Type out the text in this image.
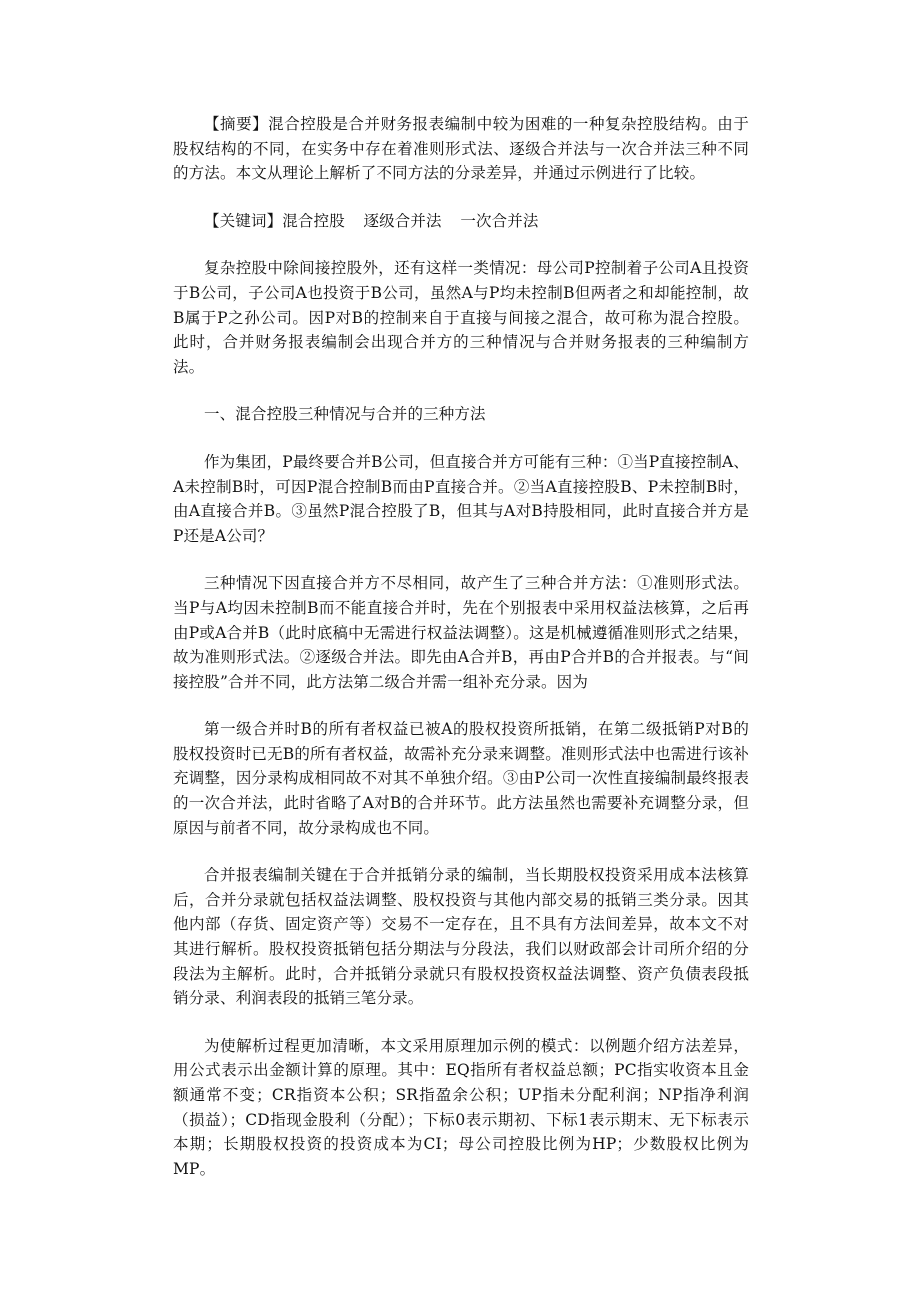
【摘要】混合控股是合并财务报表编制中较为困难的一种复杂控股结构。由于股权结构的不同，在实务中存在着准则形式法、逐级合并法与一次合并法三种不同的方法。本文从理论上解析了不同方法的分录差异，并通过示例进行了比较。

【关键词】混合控股 逐级合并法 一次合并法

复杂控股中除间接控股外，还有这样一类情况：母公司P控制着子公司A且投资于B公司，子公司A也投资于B公司，虽然A与P均未控制B但两者之和却能控制，故B属于P之孙公司。因P对B的控制来自于直接与间接之混合，故可称为混合控股。此时，合并财务报表编制会出现合并方的三种情况与合并财务报表的三种编制方法。

一、混合控股三种情况与合并的三种方法

作为集团，P最终要合并B公司，但直接合并方可能有三种：①当P直接控制A、A未控制B时，可因P混合控制B而由P直接合并。②当A直接控股B、P未控制B时，由A直接合并B。③虽然P混合控股了B，但其与A对B持股相同，此时直接合并方是P还是A公司？

三种情况下因直接合并方不尽相同，故产生了三种合并方法：①准则形式法。当P与A均因未控制B而不能直接合并时，先在个别报表中采用权益法核算，之后再由P或A合并B（此时底稿中无需进行权益法调整）。这是机械遵循准则形式之结果，故为准则形式法。②逐级合并法。即先由A合并B，再由P合并B的合并报表。与“间接控股”合并不同，此方法第二级合并需一组补充分录。因为

第一级合并时B的所有者权益已被A的股权投资所抵销，在第二级抵销P对B的股权投资时已无B的所有者权益，故需补充分录来调整。准则形式法中也需进行该补充调整，因分录构成相同故不对其不单独介绍。③由P公司一次性直接编制最终报表的一次合并法，此时省略了A对B的合并环节。此方法虽然也需要补充调整分录，但原因与前者不同，故分录构成也不同。

合并报表编制关键在于合并抵销分录的编制，当长期股权投资采用成本法核算后，合并分录就包括权益法调整、股权投资与其他内部交易的抵销三类分录。因其他内部（存货、固定资产等）交易不一定存在，且不具有方法间差异，故本文不对其进行解析。股权投资抵销包括分期法与分段法，我们以财政部会计司所介绍的分段法为主解析。此时，合并抵销分录就只有股权投资权益法调整、资产负债表段抵销分录、利润表段的抵销三笔分录。

为使解析过程更加清晰，本文采用原理加示例的模式：以例题介绍方法差异，用公式表示出金额计算的原理。其中：EQ指所有者权益总额；PC指实收资本且金额通常不变；CR指资本公积；SR指盈余公积；UP指未分配利润；NP指净利润（损益）；CD指现金股利（分配）；下标0表示期初、下标1表示期末、无下标表示本期；长期股权投资的投资成本为CI；母公司控股比例为HP；少数股权比例为MP。
